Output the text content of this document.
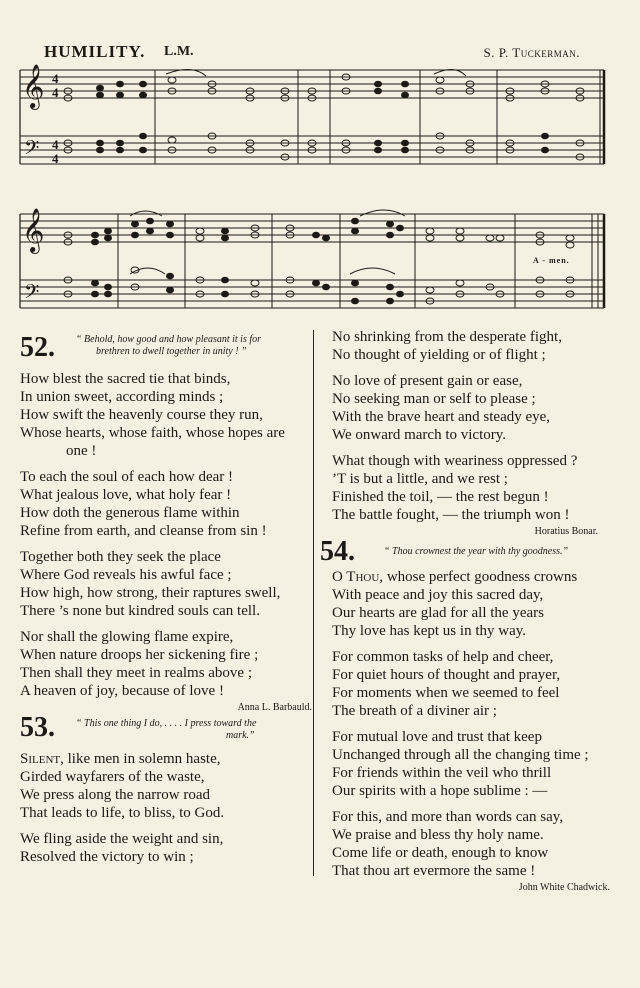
HUMILITY. L.M.	S. P. Tuckerman.
𝄞
𝄢
𝄞
𝄢
4
4
4
4
A - men.
52. “ Behold, how good and how pleasant it is for
brethren to dwell together in unity ! ”
How blest the sacred tie that binds,
In union sweet, according minds ;
How swift the heavenly course they run,
Whose hearts, whose faith, whose hopes are
one !
To each the soul of each how dear !
What jealous love, what holy fear !
How doth the generous flame within
Refine from earth, and cleanse from sin !
Together both they seek the place
Where God reveals his awful face ;
How high, how strong, their raptures swell,
There ’s none but kindred souls can tell.
Nor shall the glowing flame expire,
When nature droops her sickening fire ;
Then shall they meet in realms above ;
A heaven of joy, because of love !
Anna L. Barbauld.
53. “ This one thing I do, . . . . I press toward the
mark.”
Silent, like men in solemn haste,
Girded wayfarers of the waste,
We press along the narrow road
That leads to life, to bliss, to God.
We fling aside the weight and sin,
Resolved the victory to win ;
No shrinking from the desperate fight,
No thought of yielding or of flight ;
No love of present gain or ease,
No seeking man or self to please ;
With the brave heart and steady eye,
We onward march to victory.
What though with weariness oppressed ?
’T is but a little, and we rest ;
Finished the toil, — the rest begun !
The battle fought, — the triumph won !
Horatius Bonar.
54.	“ Thou crownest the year with thy goodness.”
O Thou, whose perfect goodness crowns
With peace and joy this sacred day,
Our hearts are glad for all the years
Thy love has kept us in thy way.
For common tasks of help and cheer,
For quiet hours of thought and prayer,
For moments when we seemed to feel
The breath of a diviner air ;
For mutual love and trust that keep
Unchanged through all the changing time ;
For friends within the veil who thrill
Our spirits with a hope sublime : —
For this, and more than words can say,
We praise and bless thy holy name.
Come life or death, enough to know
That thou art evermore the same !
John White Chadwick.
